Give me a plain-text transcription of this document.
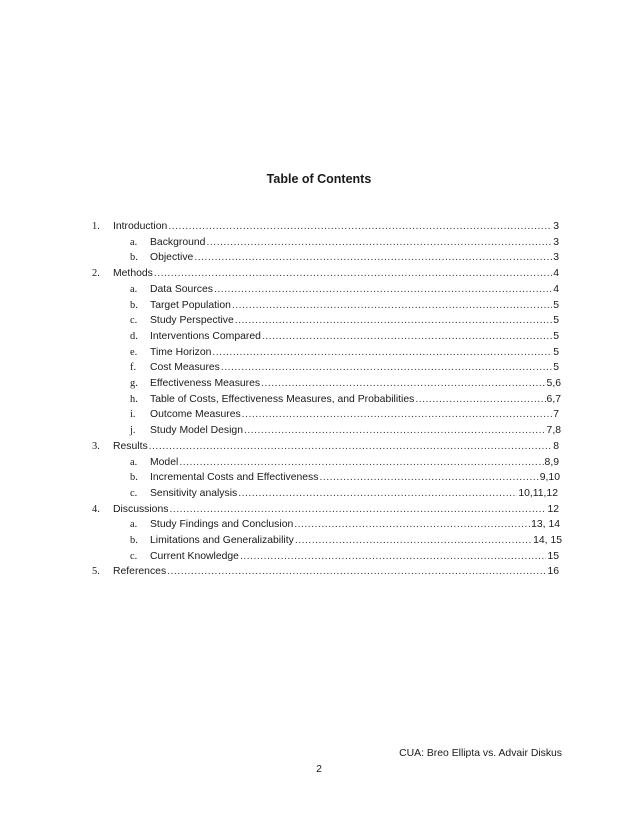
Table of Contents
1. Introduction .....	3
a. Background .....	3
b. Objective .....	3
2. Methods .....	4
a. Data Sources .....	4
b. Target Population .....	5
c. Study Perspective .....	5
d. Interventions Compared .....	5
e. Time Horizon .....	5
f. Cost Measures .....	5
g. Effectiveness Measures .....	5,6
h. Table of Costs, Effectiveness Measures, and Probabilities .....	6,7
i. Outcome Measures .....	7
j. Study Model Design .....	7,8
3. Results .....	8
a. Model .....	8,9
b. Incremental Costs and Effectiveness .....	9,10
c. Sensitivity analysis .....	10,11,12
4. Discussions .....	12
a. Study Findings and Conclusion .....	13, 14
b. Limitations and Generalizability .....	14, 15
c. Current Knowledge .....	15
5. References .....	16
CUA: Breo Ellipta vs. Advair Diskus
2
